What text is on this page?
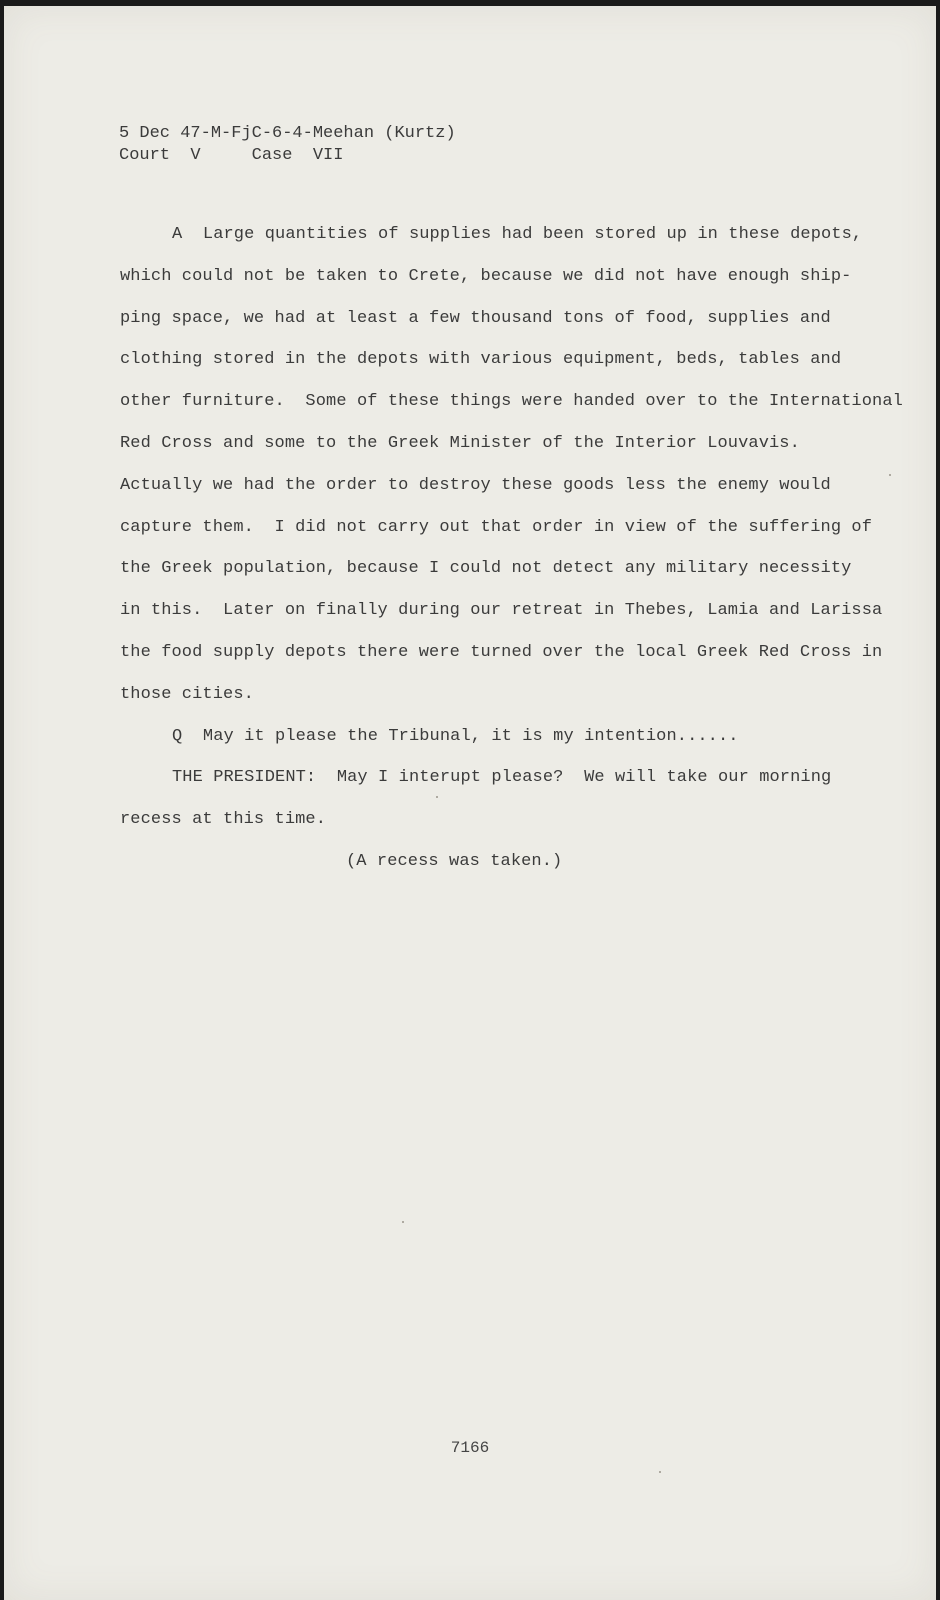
5 Dec 47-M-FjC-6-4-Meehan (Kurtz)
Court  V     Case  VII
A  Large quantities of supplies had been stored up in these depots,
which could not be taken to Crete, because we did not have enough ship-
ping space, we had at least a few thousand tons of food, supplies and
clothing stored in the depots with various equipment, beds, tables and
other furniture.  Some of these things were handed over to the International
Red Cross and some to the Greek Minister of the Interior Louvavis.
Actually we had the order to destroy these goods less the enemy would
capture them.  I did not carry out that order in view of the suffering of
the Greek population, because I could not detect any military necessity
in this.  Later on finally during our retreat in Thebes, Lamia and Larissa
the food supply depots there were turned over the local Greek Red Cross in
those cities.
Q  May it please the Tribunal, it is my intention......
THE PRESIDENT:  May I interupt please?  We will take our morning
recess at this time.
(A recess was taken.)
7166
